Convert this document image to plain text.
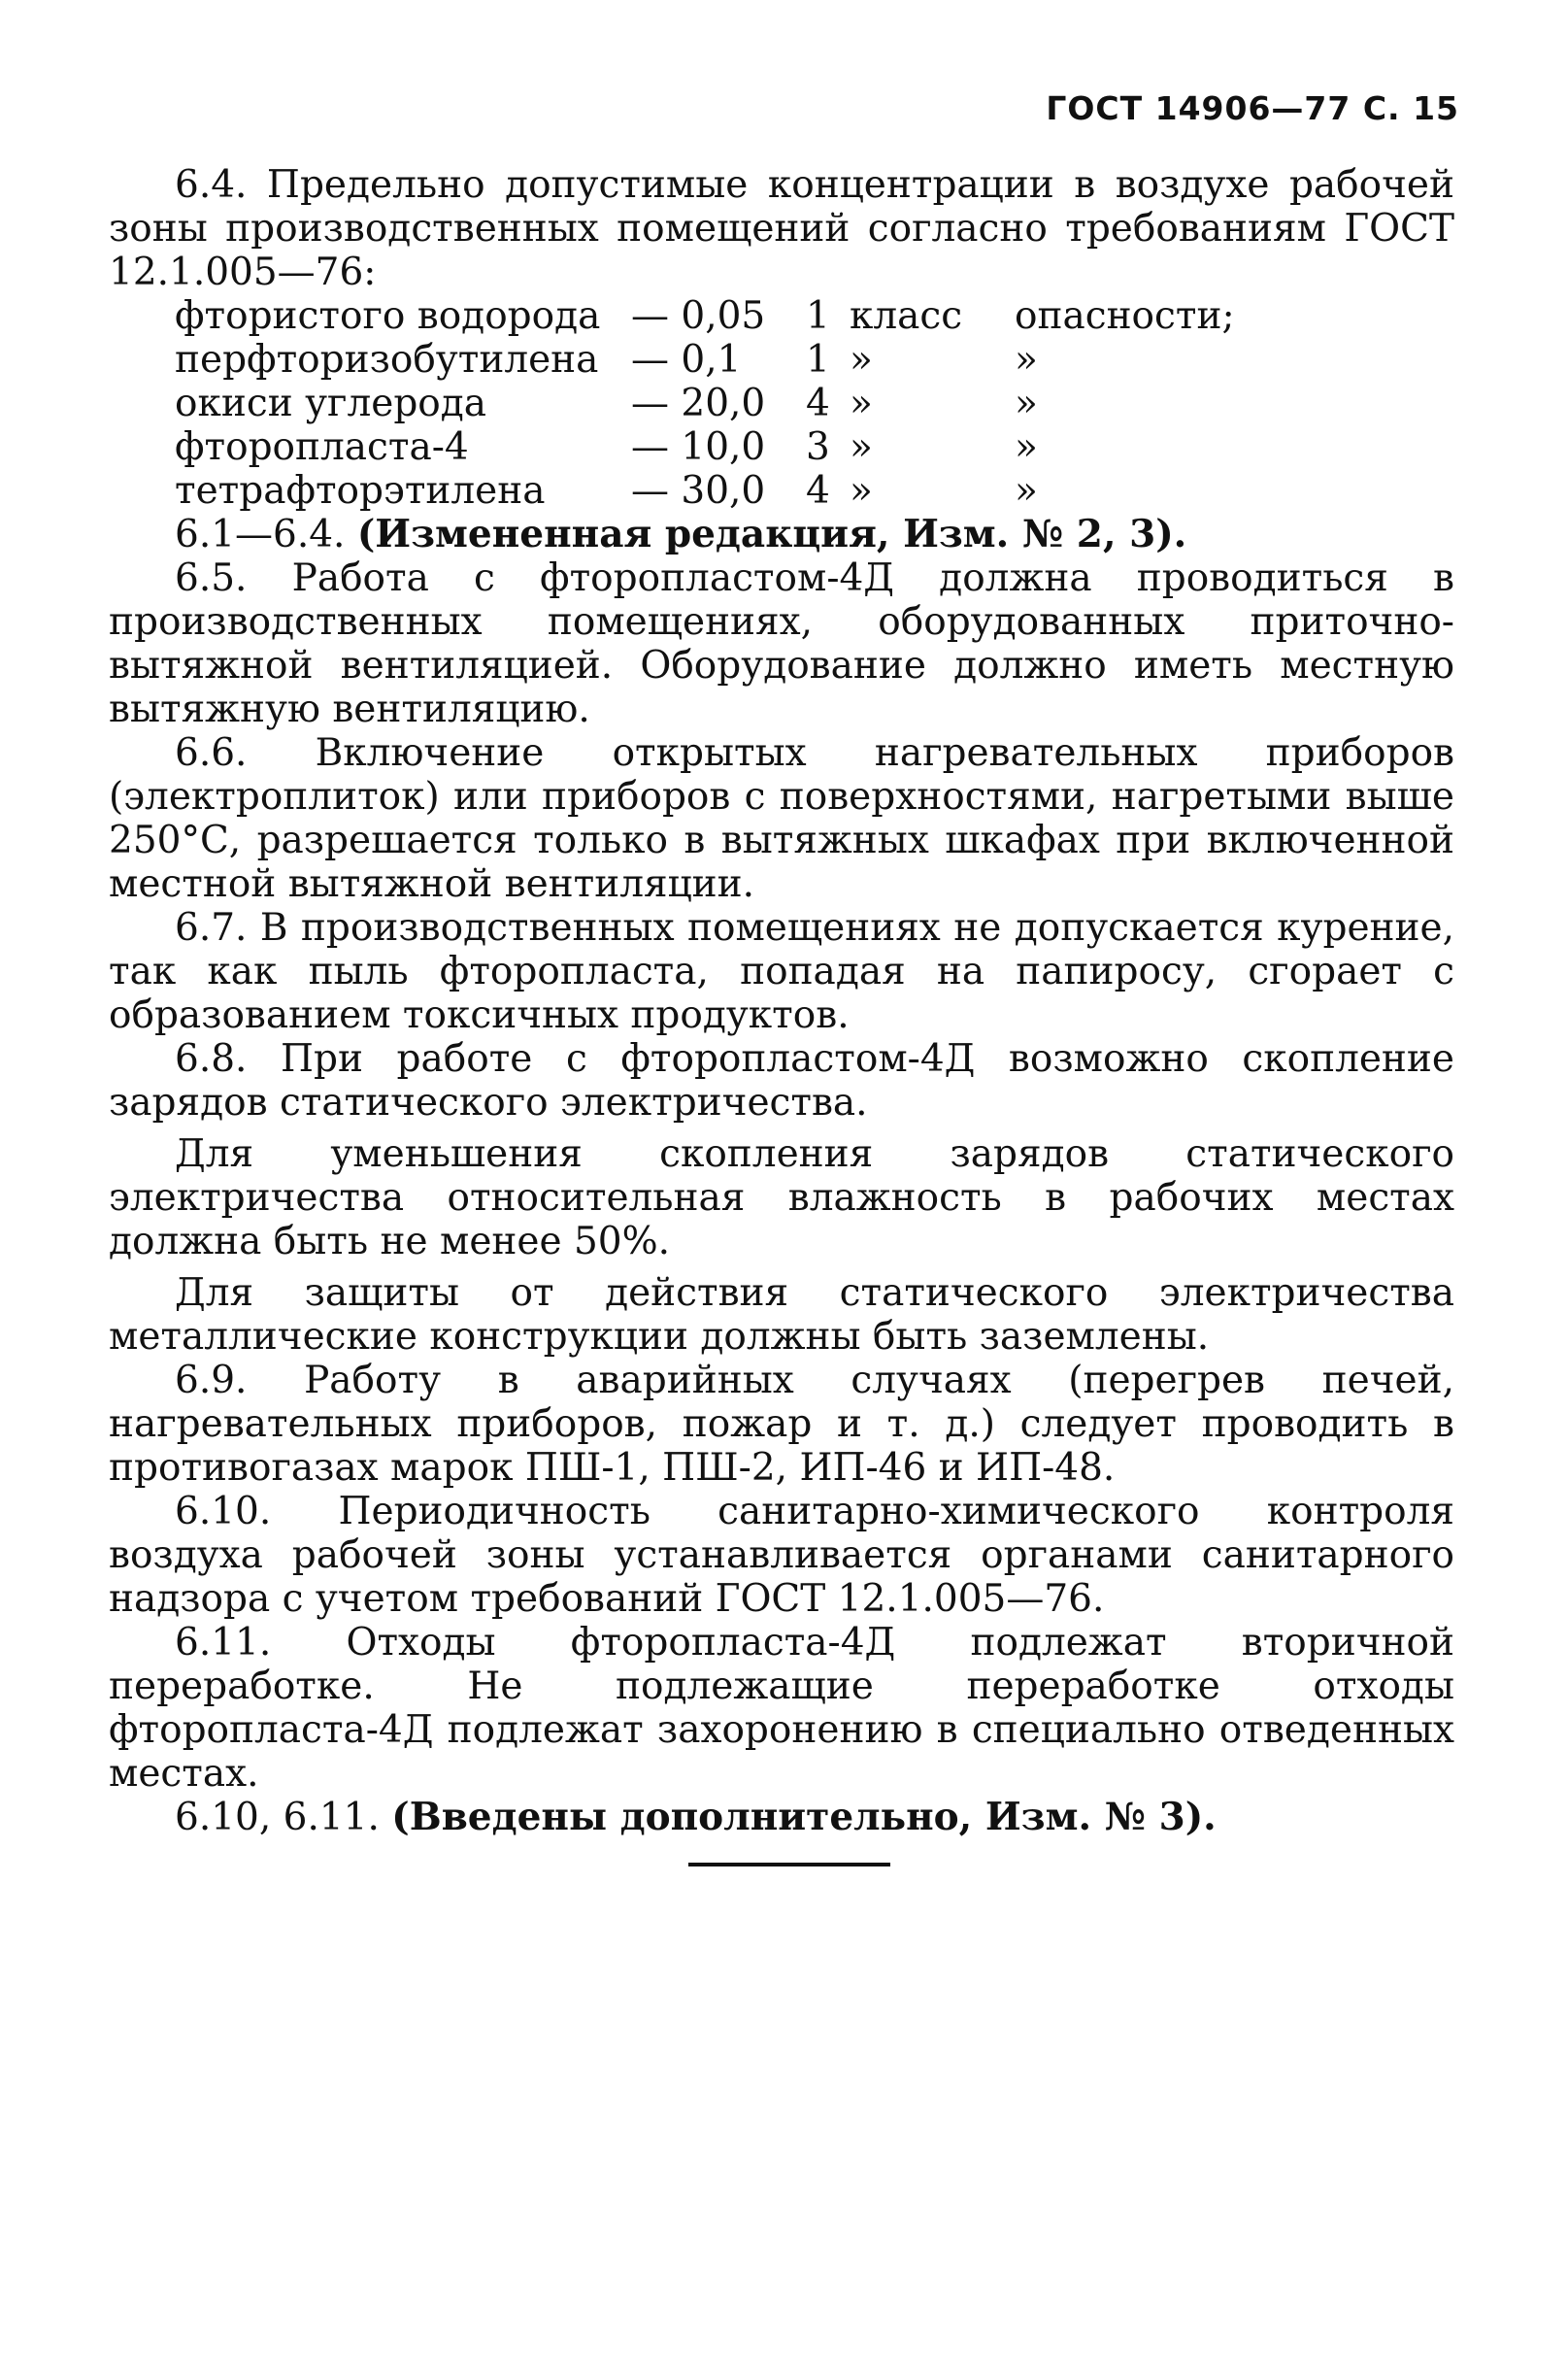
ГОСТ 14906—77 С. 15

6.4. Предельно допустимые концентрации в воздухе рабочей зоны производственных помещений согласно требованиям ГОСТ 12.1.005—76:

фтористого водорода — 0,05	1 класс	опасности;
перфторизобутилена — 0,1	1 »	»
окиси углерода	— 20,0	4 »	»
фторопласта-4	— 10,0	3 »	»
тетрафторэтилена	— 30,0	4 »	»

6.1—6.4. (Измененная редакция, Изм. № 2, 3).

6.5. Работа с фторопластом-4Д должна проводиться в производственных помещениях, оборудованных приточно-вытяжной вентиляцией. Оборудование должно иметь местную вытяжную вентиляцию.

6.6. Включение открытых нагревательных приборов (электроплиток) или приборов с поверхностями, нагретыми выше 250°С, разрешается только в вытяжных шкафах при включенной местной вытяжной вентиляции.

6.7. В производственных помещениях не допускается курение, так как пыль фторопласта, попадая на папиросу, сгорает с образованием токсичных продуктов.

6.8. При работе с фторопластом-4Д возможно скопление зарядов статического электричества.

Для уменьшения скопления зарядов статического электричества относительная влажность в рабочих местах должна быть не менее 50%.

Для защиты от действия статического электричества металлические конструкции должны быть заземлены.

6.9. Работу в аварийных случаях (перегрев печей, нагревательных приборов, пожар и т. д.) следует проводить в противогазах марок ПШ-1, ПШ-2, ИП-46 и ИП-48.

6.10. Периодичность санитарно-химического контроля воздуха рабочей зоны устанавливается органами санитарного надзора с учетом требований ГОСТ 12.1.005—76.

6.11. Отходы фторопласта-4Д подлежат вторичной переработке. Не подлежащие переработке отходы фторопласта-4Д подлежат захоронению в специально отведенных местах.

6.10, 6.11. (Введены дополнительно, Изм. № 3).
